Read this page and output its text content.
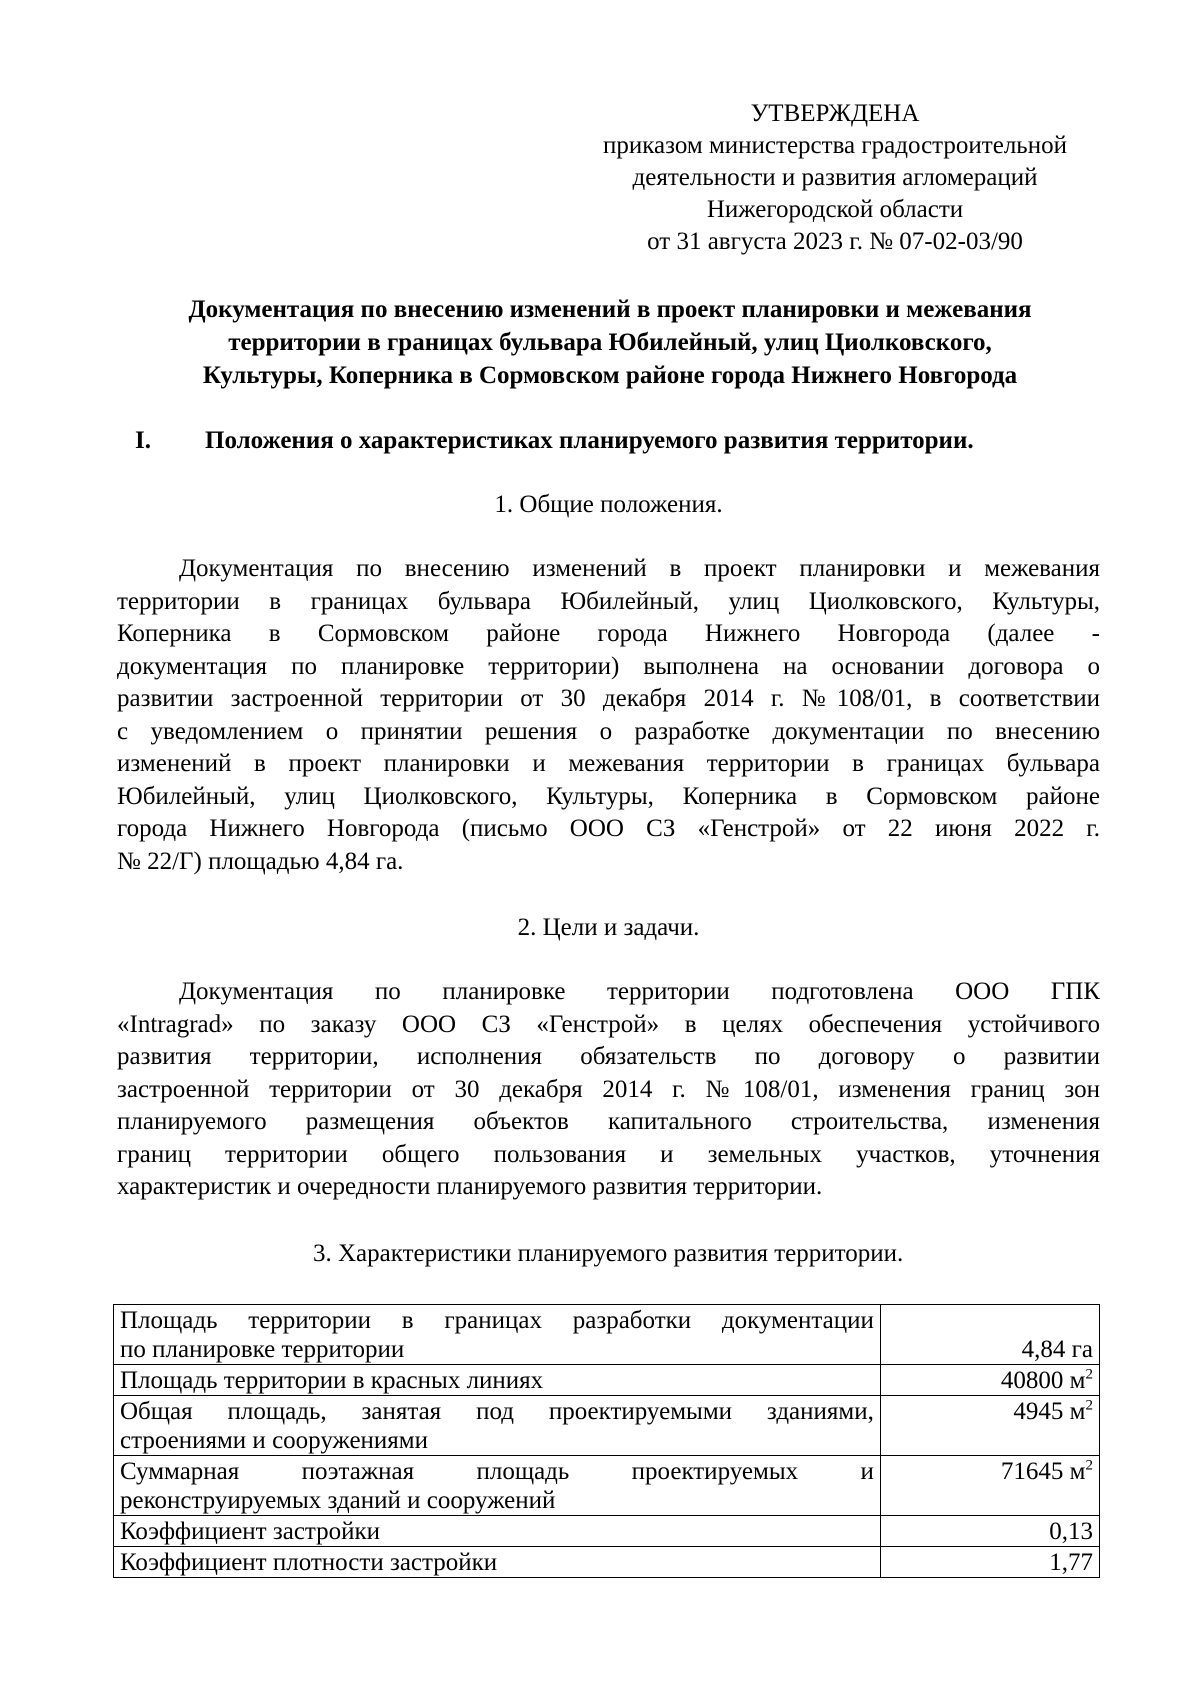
УТВЕРЖДЕНА
приказом министерства градостроительной
деятельности и развития агломераций
Нижегородской области
от 31 августа 2023 г. № 07-02-03/90
Документация по внесению изменений в проект планировки и межевания
территории в границах бульвара Юбилейный, улиц Циолковского,
Культуры, Коперника в Сормовском районе города Нижнего Новгорода
I. Положения о характеристиках планируемого развития территории.
1. Общие положения.
Документация по внесению изменений в проект планировки и межевания
территории в границах бульвара Юбилейный, улиц Циолковского, Культуры,
Коперника в Сормовском районе города Нижнего Новгорода (далее -
документация по планировке территории) выполнена на основании договора о
развитии застроенной территории от 30 декабря 2014 г. №108/01, в соответствии
с уведомлением о принятии решения о разработке документации по внесению
изменений в проект планировки и межевания территории в границах бульвара
Юбилейный, улиц Циолковского, Культуры, Коперника в Сормовском районе
города Нижнего Новгорода (письмо ООО СЗ «Генстрой» от 22 июня 2022 г.
№ 22/Г) площадью 4,84 га.
2. Цели и задачи.
Документация по планировке территории подготовлена ООО ГПК
«Intragrad» по заказу ООО СЗ «Генстрой» в целях обеспечения устойчивого
развития территории, исполнения обязательств по договору о развитии
застроенной территории от 30 декабря 2014 г. №108/01, изменения границ зон
планируемого размещения объектов капитального строительства, изменения
границ территории общего пользования и земельных участков, уточнения
характеристик и очередности планируемого развития территории.
3. Характеристики планируемого развития территории.
Площадь территории в границах разработки документации
по планировке территории	4,84 га

Площадь территории в красных линиях	40800 $м^2$

Общая площадь, занятая под проектируемыми зданиями,
строениями и сооружениями	4945 $м^2$

Суммарная поэтажная площадь проектируемых и
реконструируемых зданий и сооружений	71645 $м^2$

Коэффициент застройки	0,13

Коэффициент плотности застройки	1,77
